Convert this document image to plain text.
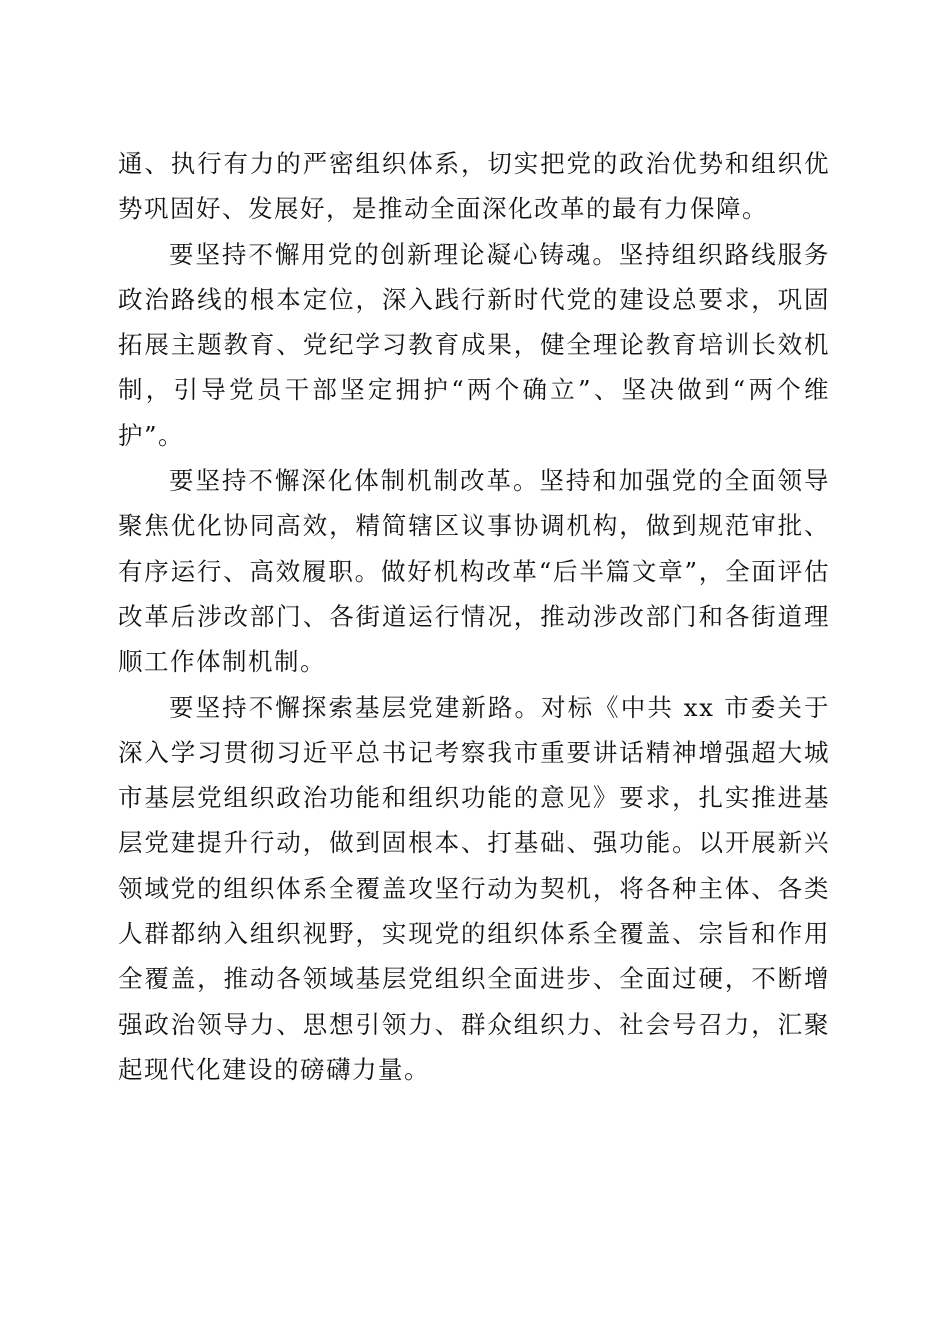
通、执行有力的严密组织体系，切实把党的政治优势和组织优势巩固好、发展好，是推动全面深化改革的最有力保障。

要坚持不懈用党的创新理论凝心铸魂。坚持组织路线服务政治路线的根本定位，深入践行新时代党的建设总要求，巩固拓展主题教育、党纪学习教育成果，健全理论教育培训长效机制，引导党员干部坚定拥护“两个确立”、坚决做到“两个维护”。

要坚持不懈深化体制机制改革。坚持和加强党的全面领导聚焦优化协同高效，精简辖区议事协调机构，做到规范审批、有序运行、高效履职。做好机构改革“后半篇文章”，全面评估改革后涉改部门、各街道运行情况，推动涉改部门和各街道理顺工作体制机制。

要坚持不懈探索基层党建新路。对标《中共 xx 市委关于深入学习贯彻习近平总书记考察我市重要讲话精神增强超大城市基层党组织政治功能和组织功能的意见》要求，扎实推进基层党建提升行动，做到固根本、打基础、强功能。以开展新兴领域党的组织体系全覆盖攻坚行动为契机，将各种主体、各类人群都纳入组织视野，实现党的组织体系全覆盖、宗旨和作用全覆盖，推动各领域基层党组织全面进步、全面过硬，不断增强政治领导力、思想引领力、群众组织力、社会号召力，汇聚起现代化建设的磅礴力量。
